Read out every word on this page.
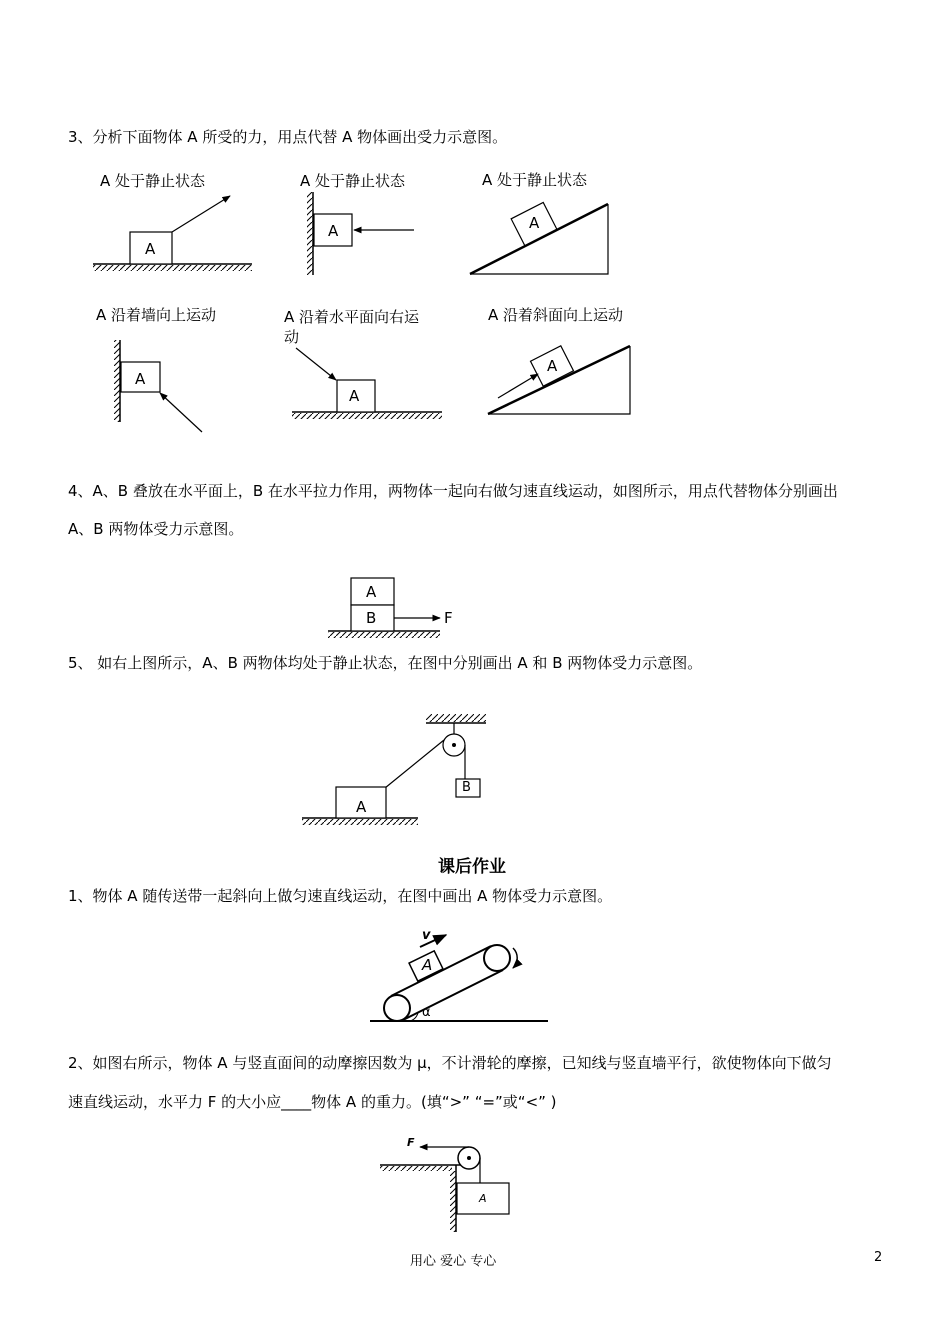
3、分析下面物体 A 所受的力，用点代替 A 物体画出受力示意图。
A 处于静止状态	A 处于静止状态	A 处于静止状态
A 沿着墙向上运动	A 沿着水平面向右运
动
A 沿着斜面向上运动
A
A	A
A
A
A
4、A、B 叠放在水平面上，B 在水平拉力作用，两物体一起向右做匀速直线运动，如图所示，用点代替物体分别画出
A、B 两物体受力示意图。
A
B	F
5、 如右上图所示，A、B 两物体均处于静止状态，在图中分别画出 A 和 B 两物体受力示意图。
A
B
课后作业
1、物体 A 随传送带一起斜向上做匀速直线运动，在图中画出 A 物体受力示意图。
A
v
α
2、如图右所示，物体 A 与竖直面间的动摩擦因数为 μ，不计滑轮的摩擦，已知线与竖直墙平行，欲使物体向下做匀
速直线运动，水平力 F 的大小应____物体 A 的重力。(填“>” “=”或“<” )
F
A
用心 爱心 专心	2
